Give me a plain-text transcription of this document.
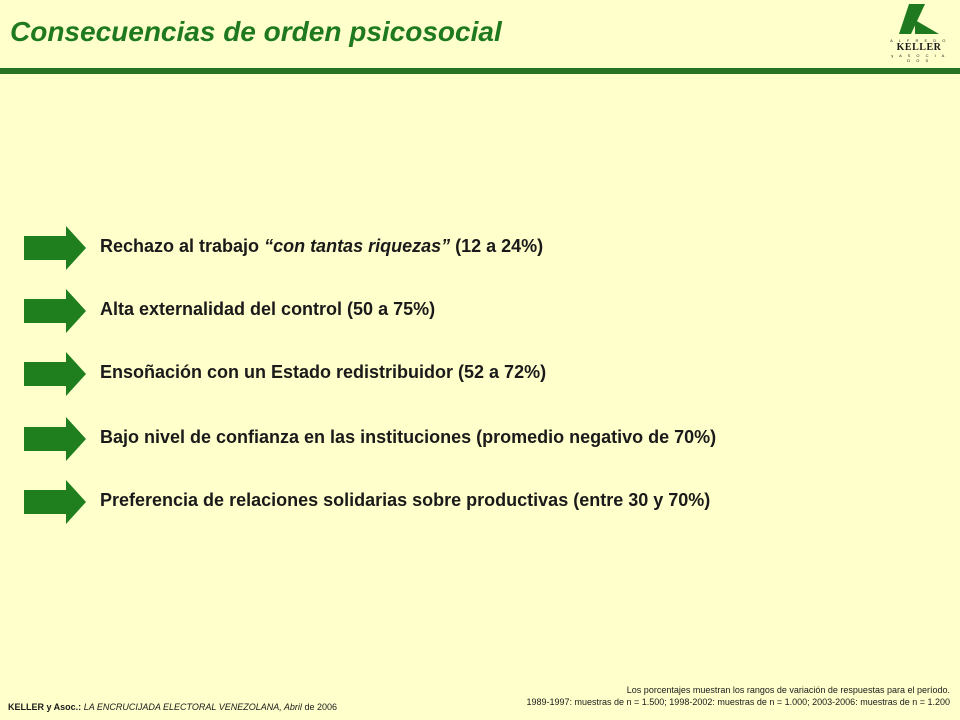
Consecuencias de orden psicosocial	A L F R E D O
KELLER
y A S O C I A D O S
Rechazo al trabajo “con tantas riquezas” (12 a 24%)
Alta externalidad del control (50 a 75%)
Ensoñación con un Estado redistribuidor (52 a 72%)
Bajo nivel de confianza en las instituciones (promedio negativo de 70%)
Preferencia de relaciones solidarias sobre productivas (entre 30 y 70%)
Los porcentajes muestran los rangos de variación de respuestas para el período.
1989-1997: muestras de n = 1.500; 1998-2002: muestras de n = 1.000; 2003-2006: muestras de n = 1.200
KELLER y Asoc.: LA ENCRUCIJADA ELECTORAL VENEZOLANA, Abril de 2006
